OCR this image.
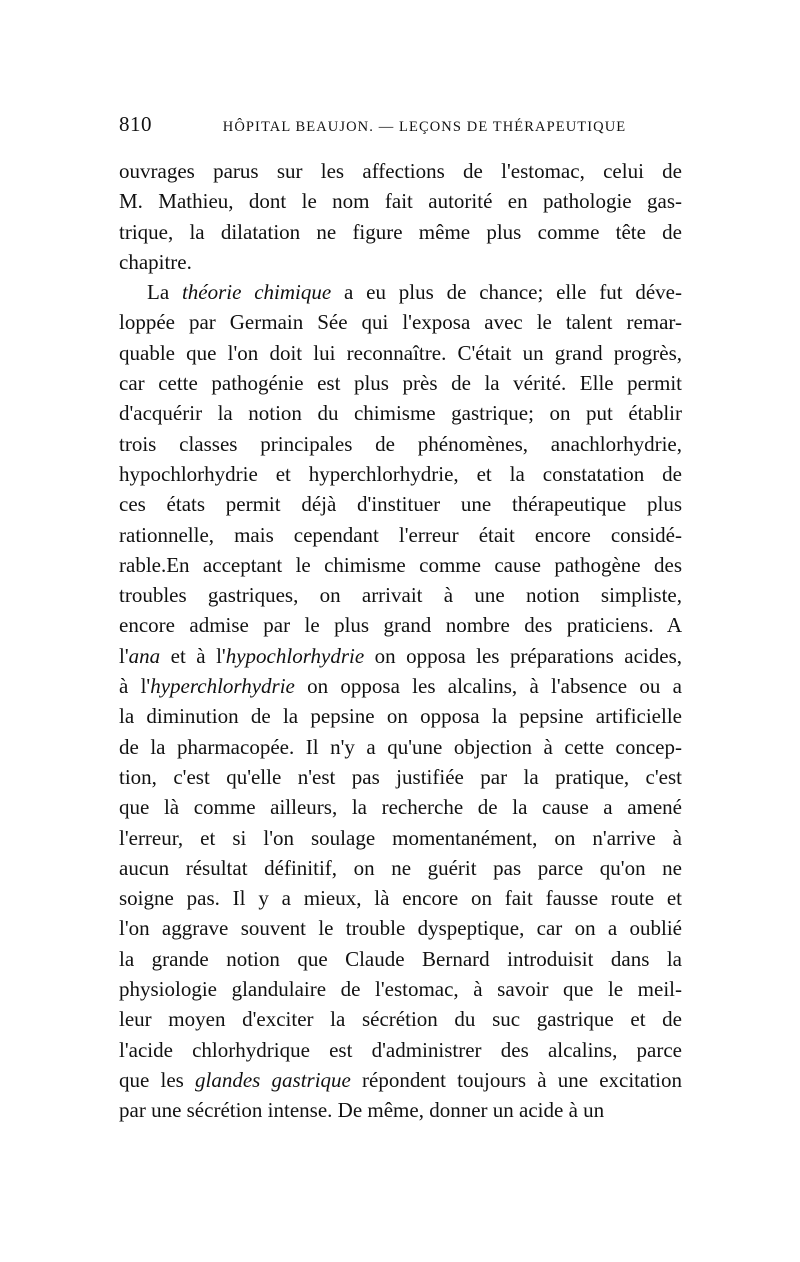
810	HÔPITAL BEAUJON. — LEÇONS DE THÉRAPEUTIQUE

ouvrages parus sur les affections de l'estomac, celui de
M. Mathieu, dont le nom fait autorité en pathologie gas-
trique, la dilatation ne figure même plus comme tête de
chapitre.

La théorie chimique a eu plus de chance; elle fut déve-
loppée par Germain Sée qui l'exposa avec le talent remar-
quable que l'on doit lui reconnaître. C'était un grand progrès,
car cette pathogénie est plus près de la vérité. Elle permit
d'acquérir la notion du chimisme gastrique; on put établir
trois classes principales de phénomènes, anachlorhydrie,
hypochlorhydrie et hyperchlorhydrie, et la constatation de
ces états permit déjà d'instituer une thérapeutique plus
rationnelle, mais cependant l'erreur était encore considé-
rable.En acceptant le chimisme comme cause pathogène des
troubles gastriques, on arrivait à une notion simpliste,
encore admise par le plus grand nombre des praticiens. A
l'ana et à l'hypochlorhydrie on opposa les préparations acides,
à l'hyperchlorhydrie on opposa les alcalins, à l'absence ou a
la diminution de la pepsine on opposa la pepsine artificielle
de la pharmacopée. Il n'y a qu'une objection à cette concep-
tion, c'est qu'elle n'est pas justifiée par la pratique, c'est
que là comme ailleurs, la recherche de la cause a amené
l'erreur, et si l'on soulage momentanément, on n'arrive à
aucun résultat définitif, on ne guérit pas parce qu'on ne
soigne pas. Il y a mieux, là encore on fait fausse route et
l'on aggrave souvent le trouble dyspeptique, car on a oublié
la grande notion que Claude Bernard introduisit dans la
physiologie glandulaire de l'estomac, à savoir que le meil-
leur moyen d'exciter la sécrétion du suc gastrique et de
l'acide chlorhydrique est d'administrer des alcalins, parce
que les glandes gastrique répondent toujours à une excitation
par une sécrétion intense. De même, donner un acide à un
